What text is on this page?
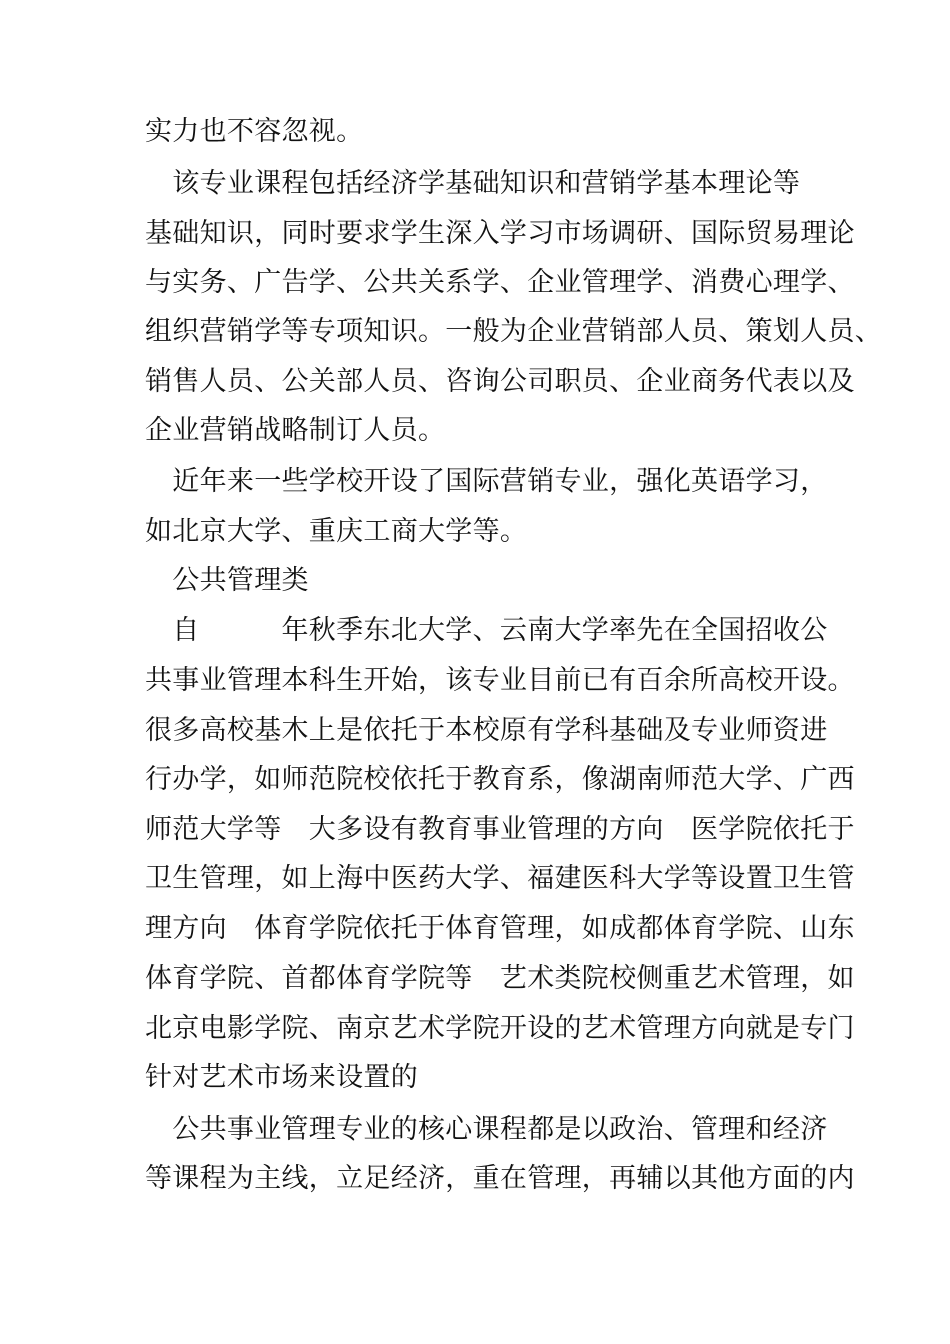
实力也不容忽视。
　该专业课程包括经济学基础知识和营销学基本理论等
基础知识，同时要求学生深入学习市场调研、国际贸易理论
与实务、广告学、公共关系学、企业管理学、消费心理学、
组织营销学等专项知识。一般为企业营销部人员、策划人员、
销售人员、公关部人员、咨询公司职员、企业商务代表以及
企业营销战略制订人员。
　近年来一些学校开设了国际营销专业，强化英语学习，
如北京大学、重庆工商大学等。
　公共管理类
　自　　　年秋季东北大学、云南大学率先在全国招收公
共事业管理本科生开始，该专业目前已有百余所高校开设。
很多高校基木上是依托于本校原有学科基础及专业师资进
行办学，如师范院校依托于教育系，像湖南师范大学、广西
师范大学等　大多设有教育事业管理的方向　医学院依托于
卫生管理，如上海中医药大学、福建医科大学等设置卫生管
理方向　体育学院依托于体育管理，如成都体育学院、山东
体育学院、首都体育学院等　艺术类院校侧重艺术管理，如
北京电影学院、南京艺术学院开设的艺术管理方向就是专门
针对艺术市场来设置的
　公共事业管理专业的核心课程都是以政治、管理和经济
等课程为主线，立足经济，重在管理，再辅以其他方面的内
